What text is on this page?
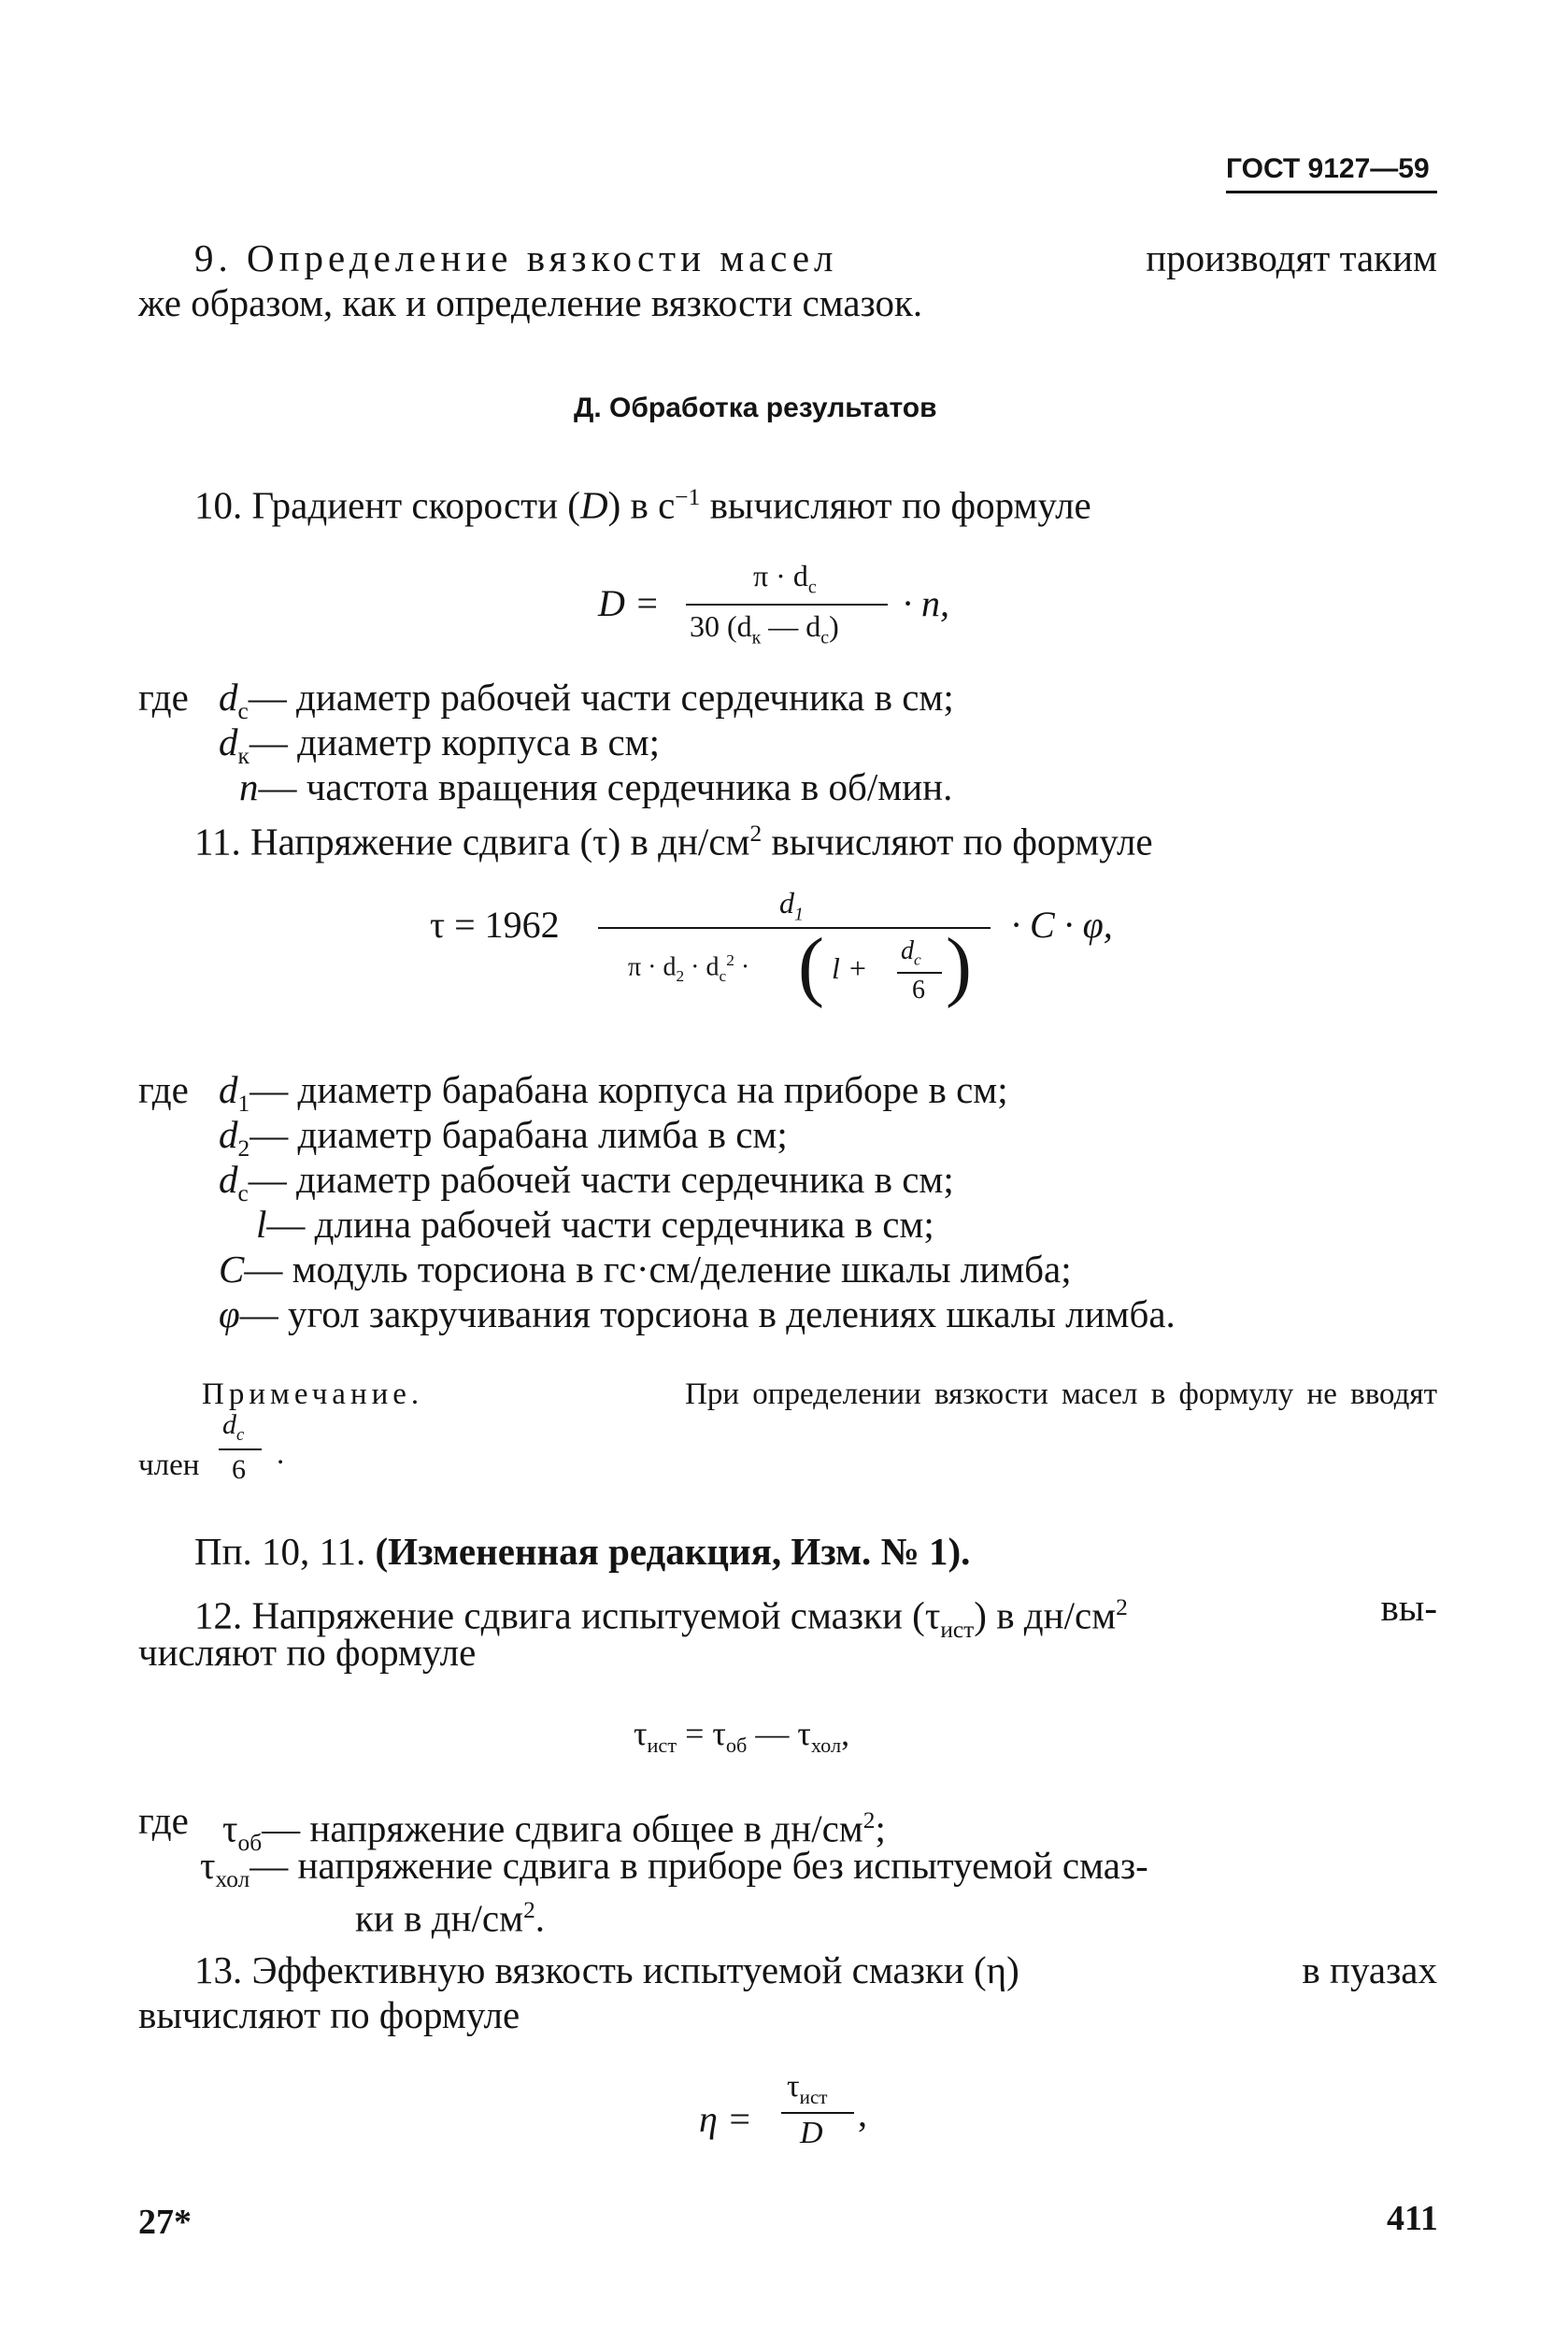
ГОСТ 9127—59
9. Определение вязкости масел	производят таким
же образом, как и определение вязкости смазок.
Д. Обработка результатов
10. Градиент скорости (D) в $с^{-1}$ вычисляют по формуле
D =
$\pi \cdot d_с$
30 ($d_к$ — $d_с$)
· n,
где $d_с—$ диаметр рабочей части сердечника в см;
$d_к—$ диаметр корпуса в см;
n— частота вращения сердечника в об/мин.
11. Напряжение сдвига (τ) в $дн/см^2$ вычисляют по формуле
τ = 1962
$d_1$
$\pi \cdot d_2 \cdot d_с^2$ · ( l +
$d_с$
6 ) · C · φ,
где $d_1—$ диаметр барабана корпуса на приборе в см;
$d_2—$ диаметр барабана лимба в см;
$d_с—$ диаметр рабочей части сердечника в см;
l— длина рабочей части сердечника в см;
C— модуль торсиона в гс·см/деление шкалы лимба;
φ— угол закручивания торсиона в делениях шкалы лимба.
Примечание.	При определении вязкости масел в формулу не вводят
член
$d_с$
6 .
Пп. 10, 11. (Измененная редакция, Изм. № 1).
12. Напряжение сдвига испытуемой смазки $(\tau_{ист})$ в $дн/см^2$	вы-
числяют по формуле
$\tau_{ист} = \tau_{об}$ — $\tau_{хол}$,
где $\tau_{об}—$ напряжение сдвига общее в $дн/см^2$;
$\tau_{хол}—$ напряжение сдвига в приборе без испытуемой смаз-
ки в $дн/см^2$.
13. Эффективную вязкость испытуемой смазки (η)	в пуазах
вычисляют по формуле
η =
$\tau_{ист}$
D ,
27*	411
